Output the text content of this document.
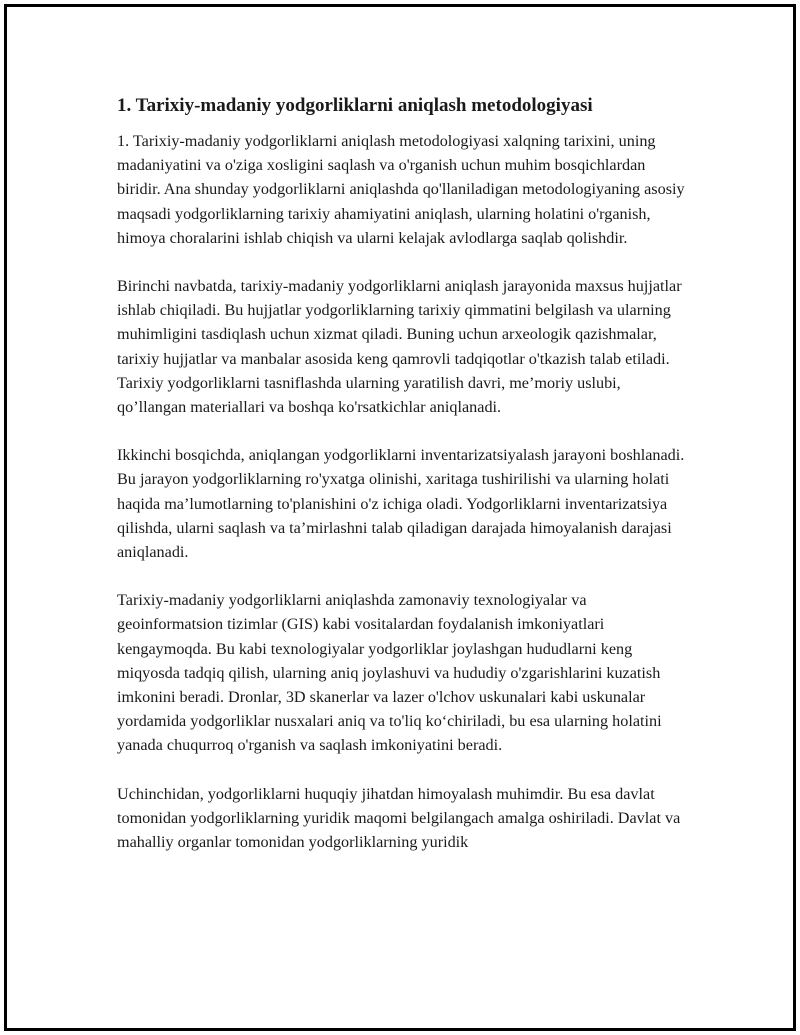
1. Tarixiy-madaniy yodgorliklarni aniqlash metodologiyasi

1. Tarixiy-madaniy yodgorliklarni aniqlash metodologiyasi xalqning tarixini, uning madaniyatini va o'ziga xosligini saqlash va o'rganish uchun muhim bosqichlardan biridir. Ana shunday yodgorliklarni aniqlashda qo'llaniladigan metodologiyaning asosiy maqsadi yodgorliklarning tarixiy ahamiyatini aniqlash, ularning holatini o'rganish, himoya choralarini ishlab chiqish va ularni kelajak avlodlarga saqlab qolishdir.

Birinchi navbatda, tarixiy-madaniy yodgorliklarni aniqlash jarayonida maxsus hujjatlar ishlab chiqiladi. Bu hujjatlar yodgorliklarning tarixiy qimmatini belgilash va ularning muhimligini tasdiqlash uchun xizmat qiladi. Buning uchun arxeologik qazishmalar, tarixiy hujjatlar va manbalar asosida keng qamrovli tadqiqotlar o'tkazish talab etiladi. Tarixiy yodgorliklarni tasniflashda ularning yaratilish davri, me’moriy uslubi, qo’llangan materiallari va boshqa ko'rsatkichlar aniqlanadi.

Ikkinchi bosqichda, aniqlangan yodgorliklarni inventarizatsiyalash jarayoni boshlanadi. Bu jarayon yodgorliklarning ro'yxatga olinishi, xaritaga tushirilishi va ularning holati haqida ma’lumotlarning to'planishini o'z ichiga oladi. Yodgorliklarni inventarizatsiya qilishda, ularni saqlash va ta’mirlashni talab qiladigan darajada himoyalanish darajasi aniqlanadi.

Tarixiy-madaniy yodgorliklarni aniqlashda zamonaviy texnologiyalar va geoinformatsion tizimlar (GIS) kabi vositalardan foydalanish imkoniyatlari kengaymoqda. Bu kabi texnologiyalar yodgorliklar joylashgan hududlarni keng miqyosda tadqiq qilish, ularning aniq joylashuvi va hududiy o'zgarishlarini kuzatish imkonini beradi. Dronlar, 3D skanerlar va lazer o'lchov uskunalari kabi uskunalar yordamida yodgorliklar nusxalari aniq va to'liq ko‘chiriladi, bu esa ularning holatini yanada chuqurroq o'rganish va saqlash imkoniyatini beradi.

Uchinchidan, yodgorliklarni huquqiy jihatdan himoyalash muhimdir. Bu esa davlat tomonidan yodgorliklarning yuridik maqomi belgilangach amalga oshiriladi. Davlat va mahalliy organlar tomonidan yodgorliklarning yuridik
